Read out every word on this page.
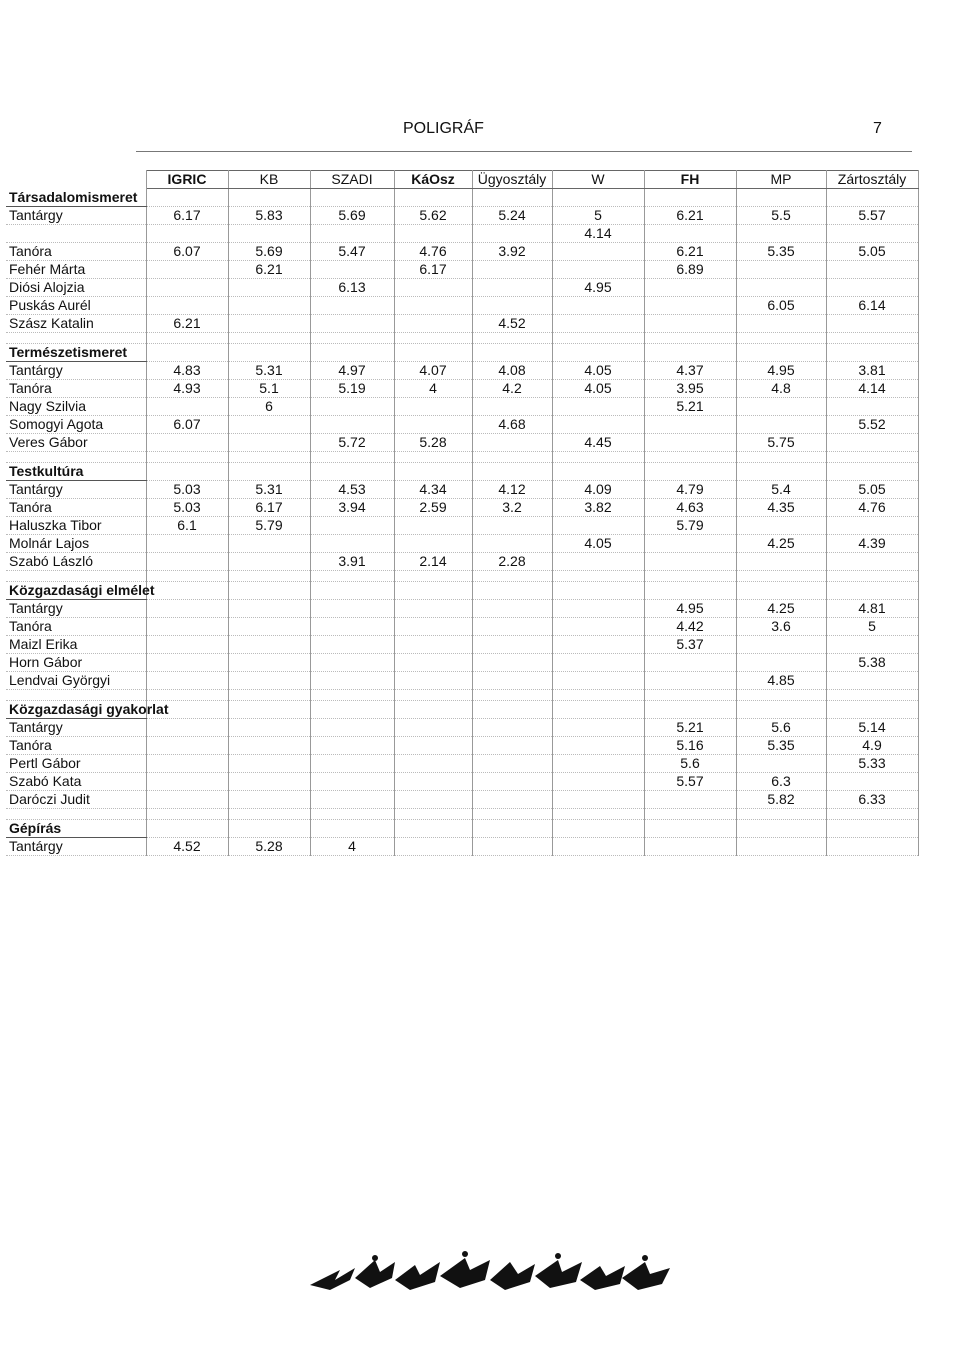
POLIGRÁF	7
	IGRIC	KB	SZADI	KáOsz	Ügyosztály	W	FH	MP	Zártosztály
Társadalomismeret									
Tantárgy	6.17	5.83	5.69	5.62	5.24	5	6.21	5.5	5.57
						4.14			
Tanóra	6.07	5.69	5.47	4.76	3.92		6.21	5.35	5.05
Fehér Márta		6.21		6.17			6.89		
Diósi Alojzia			6.13			4.95			
Puskás Aurél								6.05	6.14
Szász Katalin	6.21				4.52				

Természetismeret									
Tantárgy	4.83	5.31	4.97	4.07	4.08	4.05	4.37	4.95	3.81
Tanóra	4.93	5.1	5.19	4	4.2	4.05	3.95	4.8	4.14
Nagy Szilvia		6					5.21		
Somogyi Agota	6.07				4.68				5.52
Veres Gábor			5.72	5.28		4.45		5.75	

Testkultúra									
Tantárgy	5.03	5.31	4.53	4.34	4.12	4.09	4.79	5.4	5.05
Tanóra	5.03	6.17	3.94	2.59	3.2	3.82	4.63	4.35	4.76
Haluszka Tibor	6.1	5.79					5.79		
Molnár Lajos						4.05		4.25	4.39
Szabó László			3.91	2.14	2.28				

Közgazdasági elmélet									
Tantárgy							4.95	4.25	4.81
Tanóra							4.42	3.6	5
Maizl Erika							5.37		
Horn Gábor									5.38
Lendvai Györgyi								4.85	

Közgazdasági gyakorlat									
Tantárgy							5.21	5.6	5.14
Tanóra							5.16	5.35	4.9
Pertl Gábor							5.6		5.33
Szabó Kata							5.57	6.3	
Daróczi Judit								5.82	6.33

Gépírás									
Tantárgy	4.52	5.28	4						
